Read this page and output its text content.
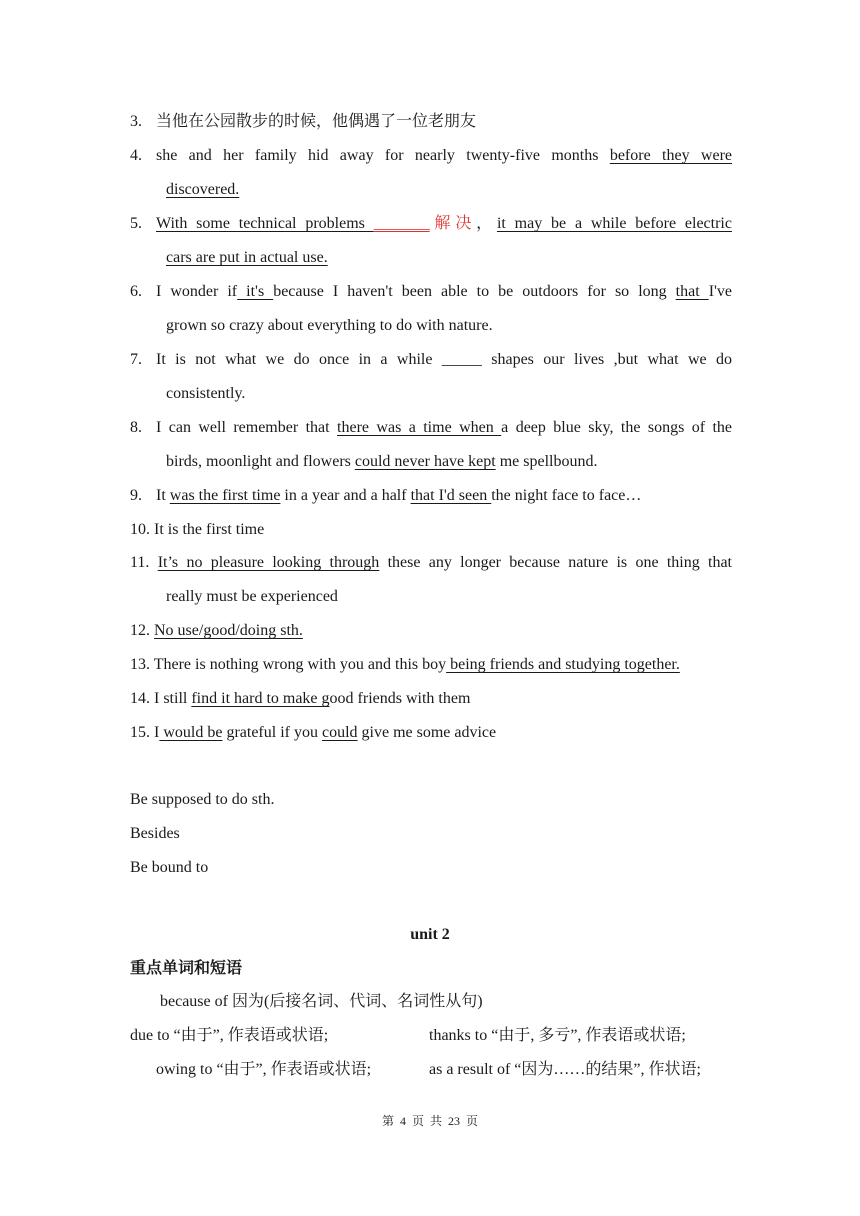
3. 当他在公园散步的时候，他偶遇了一位老朋友
4. she and her family hid away for nearly twenty-five months before they were
discovered.
5. With some technical problems _______解决，it may be a while before electric
cars are put in actual use.
6. I wonder if it's because I haven't been able to be outdoors for so long that I've
grown so crazy about everything to do with nature.
7. It is not what we do once in a while _____ shapes our lives ,but what we do
consistently.
8. I can well remember that there was a time when a deep blue sky, the songs of the
birds, moonlight and flowers could never have kept me spellbound.
9. It was the first time in a year and a half that I'd seen the night face to face…
10. It is the first time
11. It’s no pleasure looking through these any longer because nature is one thing that
really must be experienced
12. No use/good/doing sth.
13. There is nothing wrong with you and this boy being friends and studying together.
14. I still find it hard to make good friends with them
15. I would be grateful if you could give me some advice
Be supposed to do sth.
Besides
Be bound to
unit 2
重点单词和短语
because of 因为(后接名词、代词、名词性从句)
due to “由于”, 作表语或状语;	thanks to “由于, 多亏”, 作表语或状语;
owing to “由于”, 作表语或状语;	as a result of “因为……的结果”, 作状语;
第 4 页 共 23 页
